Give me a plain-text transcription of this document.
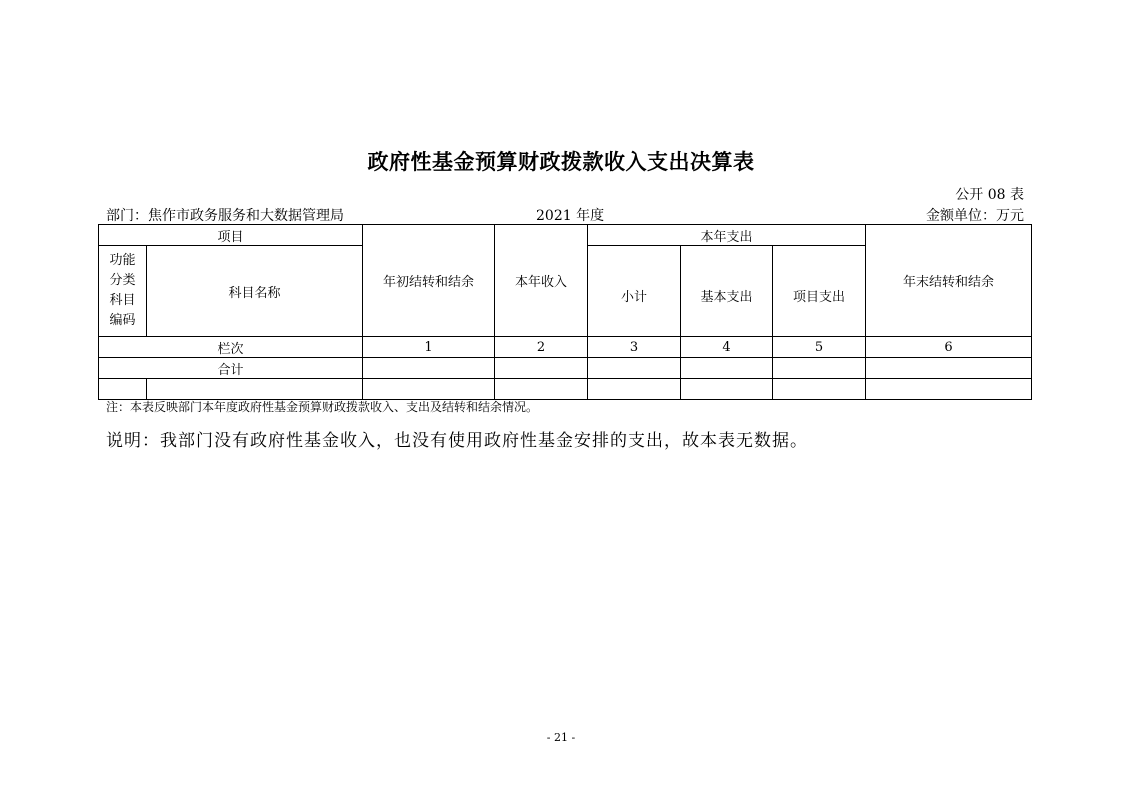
政府性基金预算财政拨款收入支出决算表
公开 08 表
部门：焦作市政务服务和大数据管理局	2021 年度	金额单位：万元
项目		年初结转和结余	本年收入	本年支出			年末结转和结余

功能
分类
科目
编码	科目名称			小计	基本支出	项目支出	
栏次		1	2	3	4	5	6
合计							

注：本表反映部门本年度政府性基金预算财政拨款收入、支出及结转和结余情况。
说明：我部门没有政府性基金收入，也没有使用政府性基金安排的支出，故本表无数据。
- 21 -
